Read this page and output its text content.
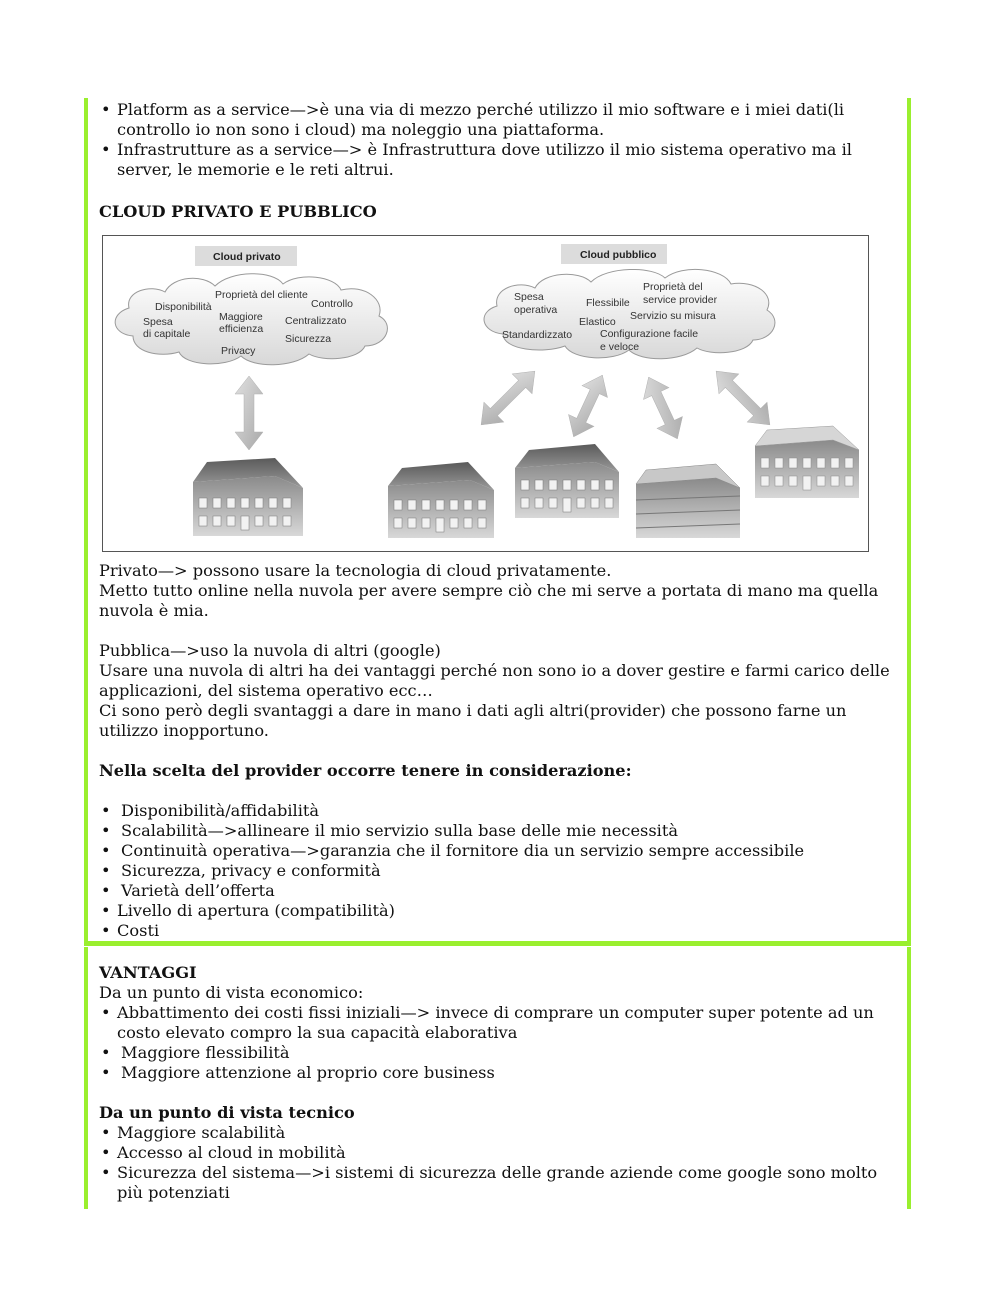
• Platform as a service—>è una via di mezzo perché utilizzo il mio software e i miei dati(li controllo io non sono i cloud) ma noleggio una piattaforma.
• Infrastrutture as a service—> è Infrastruttura dove utilizzo il mio sistema operativo ma il server, le memorie e le reti altrui.
CLOUD PRIVATO E PUBBLICO
Cloud privato	Cloud pubblico
Proprietà del cliente
Disponibilità	Controllo
Maggiore
efficienza
Spesa
di capitale
Centralizzato
Sicurezza
Privacy
Spesa
operativa
Proprietà del
service provider
Flessibile
Servizio su misura
Elastico
Standardizzato	Configurazione facile
e veloce

Privato—> possono usare la tecnologia di cloud privatamente.

Metto tutto online nella nuvola per avere sempre ciò che mi serve a portata di mano ma quella nuvola è mia.

Pubblica—>uso la nuvola di altri (google)

Usare una nuvola di altri ha dei vantaggi perché non sono io a dover gestire e farmi carico delle applicazioni, del sistema operativo ecc…

Ci sono però degli svantaggi a dare in mano i dati agli altri(provider) che possono farne un utilizzo inopportuno.

Nella scelta del provider occorre tenere in considerazione:

• Disponibilità/affidabilità
• Scalabilità—>allineare il mio servizio sulla base delle mie necessità
• Continuità operativa—>garanzia che il fornitore dia un servizio sempre accessibile
• Sicurezza, privacy e conformità
• Varietà dell’offerta
• Livello di apertura (compatibilità)
• Costi

VANTAGGI

Da un punto di vista economico:

• Abbattimento dei costi fissi iniziali—> invece di comprare un computer super potente ad un costo elevato compro la sua capacità elaborativa
• Maggiore flessibilità
• Maggiore attenzione al proprio core business

Da un punto di vista tecnico

• Maggiore scalabilità
• Accesso al cloud in mobilità
• Sicurezza del sistema—>i sistemi di sicurezza delle grande aziende come google sono molto più potenziati
